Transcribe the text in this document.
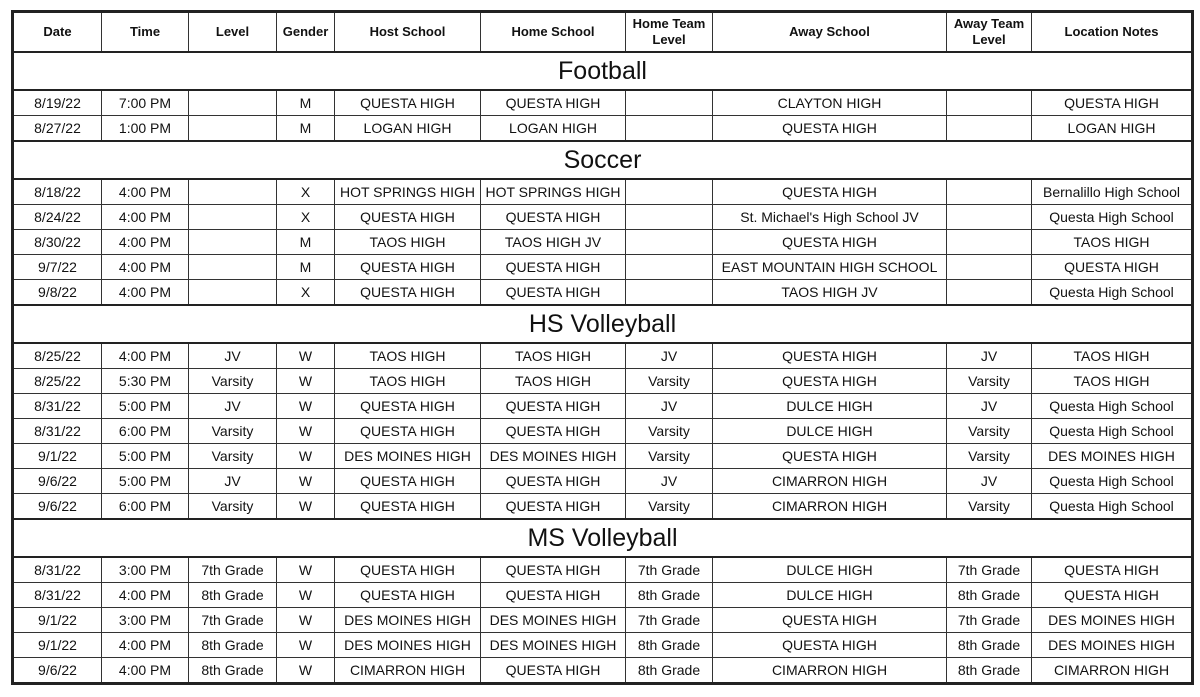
Date	Time	Level	Gender	Host School	Home School	Home Team Level	Away School	Away Team Level	Location Notes
Football									
8/19/22	7:00 PM		M	QUESTA HIGH	QUESTA HIGH		CLAYTON HIGH		QUESTA HIGH
8/27/22	1:00 PM		M	LOGAN HIGH	LOGAN HIGH		QUESTA HIGH		LOGAN HIGH
Soccer									
8/18/22	4:00 PM		X	HOT SPRINGS HIGH	HOT SPRINGS HIGH		QUESTA HIGH		Bernalillo High School
8/24/22	4:00 PM		X	QUESTA HIGH	QUESTA HIGH		St. Michael's High School JV		Questa High School
8/30/22	4:00 PM		M	TAOS HIGH	TAOS HIGH JV		QUESTA HIGH		TAOS HIGH
9/7/22	4:00 PM		M	QUESTA HIGH	QUESTA HIGH		EAST MOUNTAIN HIGH SCHOOL		QUESTA HIGH
9/8/22	4:00 PM		X	QUESTA HIGH	QUESTA HIGH		TAOS HIGH JV		Questa High School
HS Volleyball									
8/25/22	4:00 PM	JV	W	TAOS HIGH	TAOS HIGH	JV	QUESTA HIGH	JV	TAOS HIGH
8/25/22	5:30 PM	Varsity	W	TAOS HIGH	TAOS HIGH	Varsity	QUESTA HIGH	Varsity	TAOS HIGH
8/31/22	5:00 PM	JV	W	QUESTA HIGH	QUESTA HIGH	JV	DULCE HIGH	JV	Questa High School
8/31/22	6:00 PM	Varsity	W	QUESTA HIGH	QUESTA HIGH	Varsity	DULCE HIGH	Varsity	Questa High School
9/1/22	5:00 PM	Varsity	W	DES MOINES HIGH	DES MOINES HIGH	Varsity	QUESTA HIGH	Varsity	DES MOINES HIGH
9/6/22	5:00 PM	JV	W	QUESTA HIGH	QUESTA HIGH	JV	CIMARRON HIGH	JV	Questa High School
9/6/22	6:00 PM	Varsity	W	QUESTA HIGH	QUESTA HIGH	Varsity	CIMARRON HIGH	Varsity	Questa High School
MS Volleyball									
8/31/22	3:00 PM	7th Grade	W	QUESTA HIGH	QUESTA HIGH	7th Grade	DULCE HIGH	7th Grade	QUESTA HIGH
8/31/22	4:00 PM	8th Grade	W	QUESTA HIGH	QUESTA HIGH	8th Grade	DULCE HIGH	8th Grade	QUESTA HIGH
9/1/22	3:00 PM	7th Grade	W	DES MOINES HIGH	DES MOINES HIGH	7th Grade	QUESTA HIGH	7th Grade	DES MOINES HIGH
9/1/22	4:00 PM	8th Grade	W	DES MOINES HIGH	DES MOINES HIGH	8th Grade	QUESTA HIGH	8th Grade	DES MOINES HIGH
9/6/22	4:00 PM	8th Grade	W	CIMARRON HIGH	QUESTA HIGH	8th Grade	CIMARRON HIGH	8th Grade	CIMARRON HIGH
